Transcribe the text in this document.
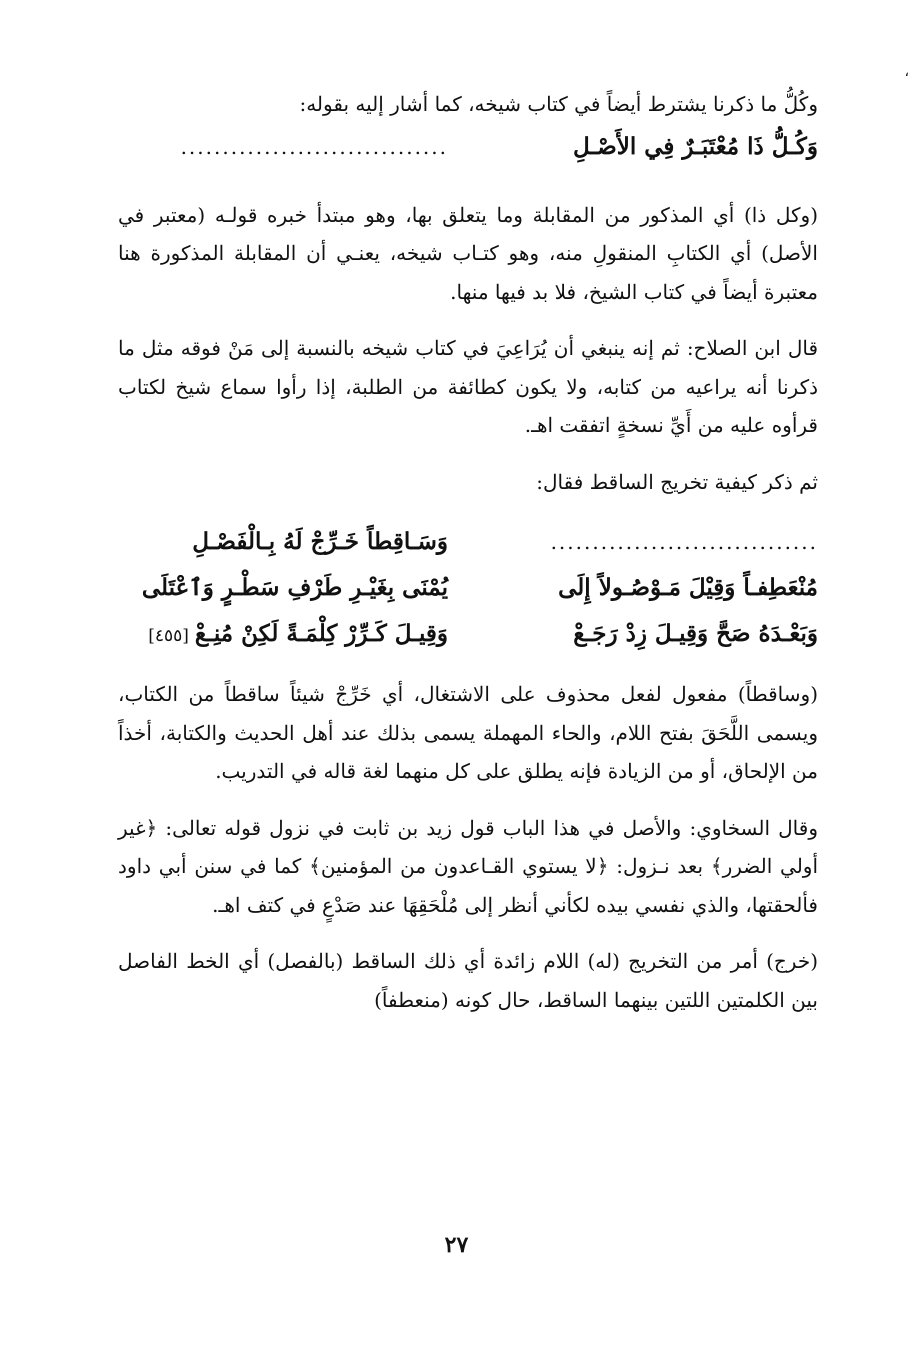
،

وكُلُّ ما ذكرنا يشترط أيضاً في كتاب شيخه، كما أشار إليه بقوله:

وَكُـلُّ ذَا مُعْتَبَـرٌ فِي الأَصْـلِ
................................

(وكل ذا) أي المذكور من المقابلة وما يتعلق بها، وهو مبتدأ خبره قولـه (معتبر في الأصل) أي الكتابِ المنقولِ منه، وهو كتـاب شيخه، يعنـي أن المقابلة المذكورة هنا معتبرة أيضاً في كتاب الشيخ، فلا بد فيها منها.

قال ابن الصلاح: ثم إنه ينبغي أن يُرَاعِيَ في كتاب شيخه بالنسبة إلى مَنْ فوقه مثل ما ذكرنا أنه يراعيه من كتابه، ولا يكون كطائفة من الطلبة، إذا رأوا سماع شيخ لكتاب قرأوه عليه من أَيِّ نسخةٍ اتفقت اهـ.

ثم ذكر كيفية تخريج الساقط فقال:

................................
وَسَـاقِطاً خَـرِّجْ لَهُ بِـالْفَصْـلِ
مُنْعَطِفـاً وَقِيْلَ مَـوْصُـولاً إِلَى
يُمْنَى بِغَيْـرِ طَرْفِ سَطْـرٍ وَٱعْتَلَى
وَبَعْـدَهُ صَحَّ وَقِيـلَ زِدْ رَجَـعْ
وَقِيـلَ كَـرِّرْ كِلْمَـةً لَكِنْ مُنِـعْ[٤٥٥]

(وساقطاً) مفعول لفعل محذوف على الاشتغال، أي خَرِّجْ شيئاً ساقطاً من الكتاب، ويسمى اللَّحَقَ بفتح اللام، والحاء المهملة يسمى بذلك عند أهل الحديث والكتابة، أخذاً من الإلحاق، أو من الزيادة فإنه يطلق على كل منهما لغة قاله في التدريب.

وقال السخاوي: والأصل في هذا الباب قول زيد بن ثابت في نزول قوله تعالى: ﴿غير أولي الضرر﴾ بعد نـزول: ﴿لا يستوي القـاعدون من المؤمنين﴾ كما في سنن أبي داود فألحقتها، والذي نفسي بيده لكأني أنظر إلى مُلْحَقِهَا عند صَدْعٍ في كتف اهـ.

(خرج) أمر من التخريج (له) اللام زائدة أي ذلك الساقط (بالفصل) أي الخط الفاصل بين الكلمتين اللتين بينهما الساقط، حال كونه (منعطفاً)

٢٧
